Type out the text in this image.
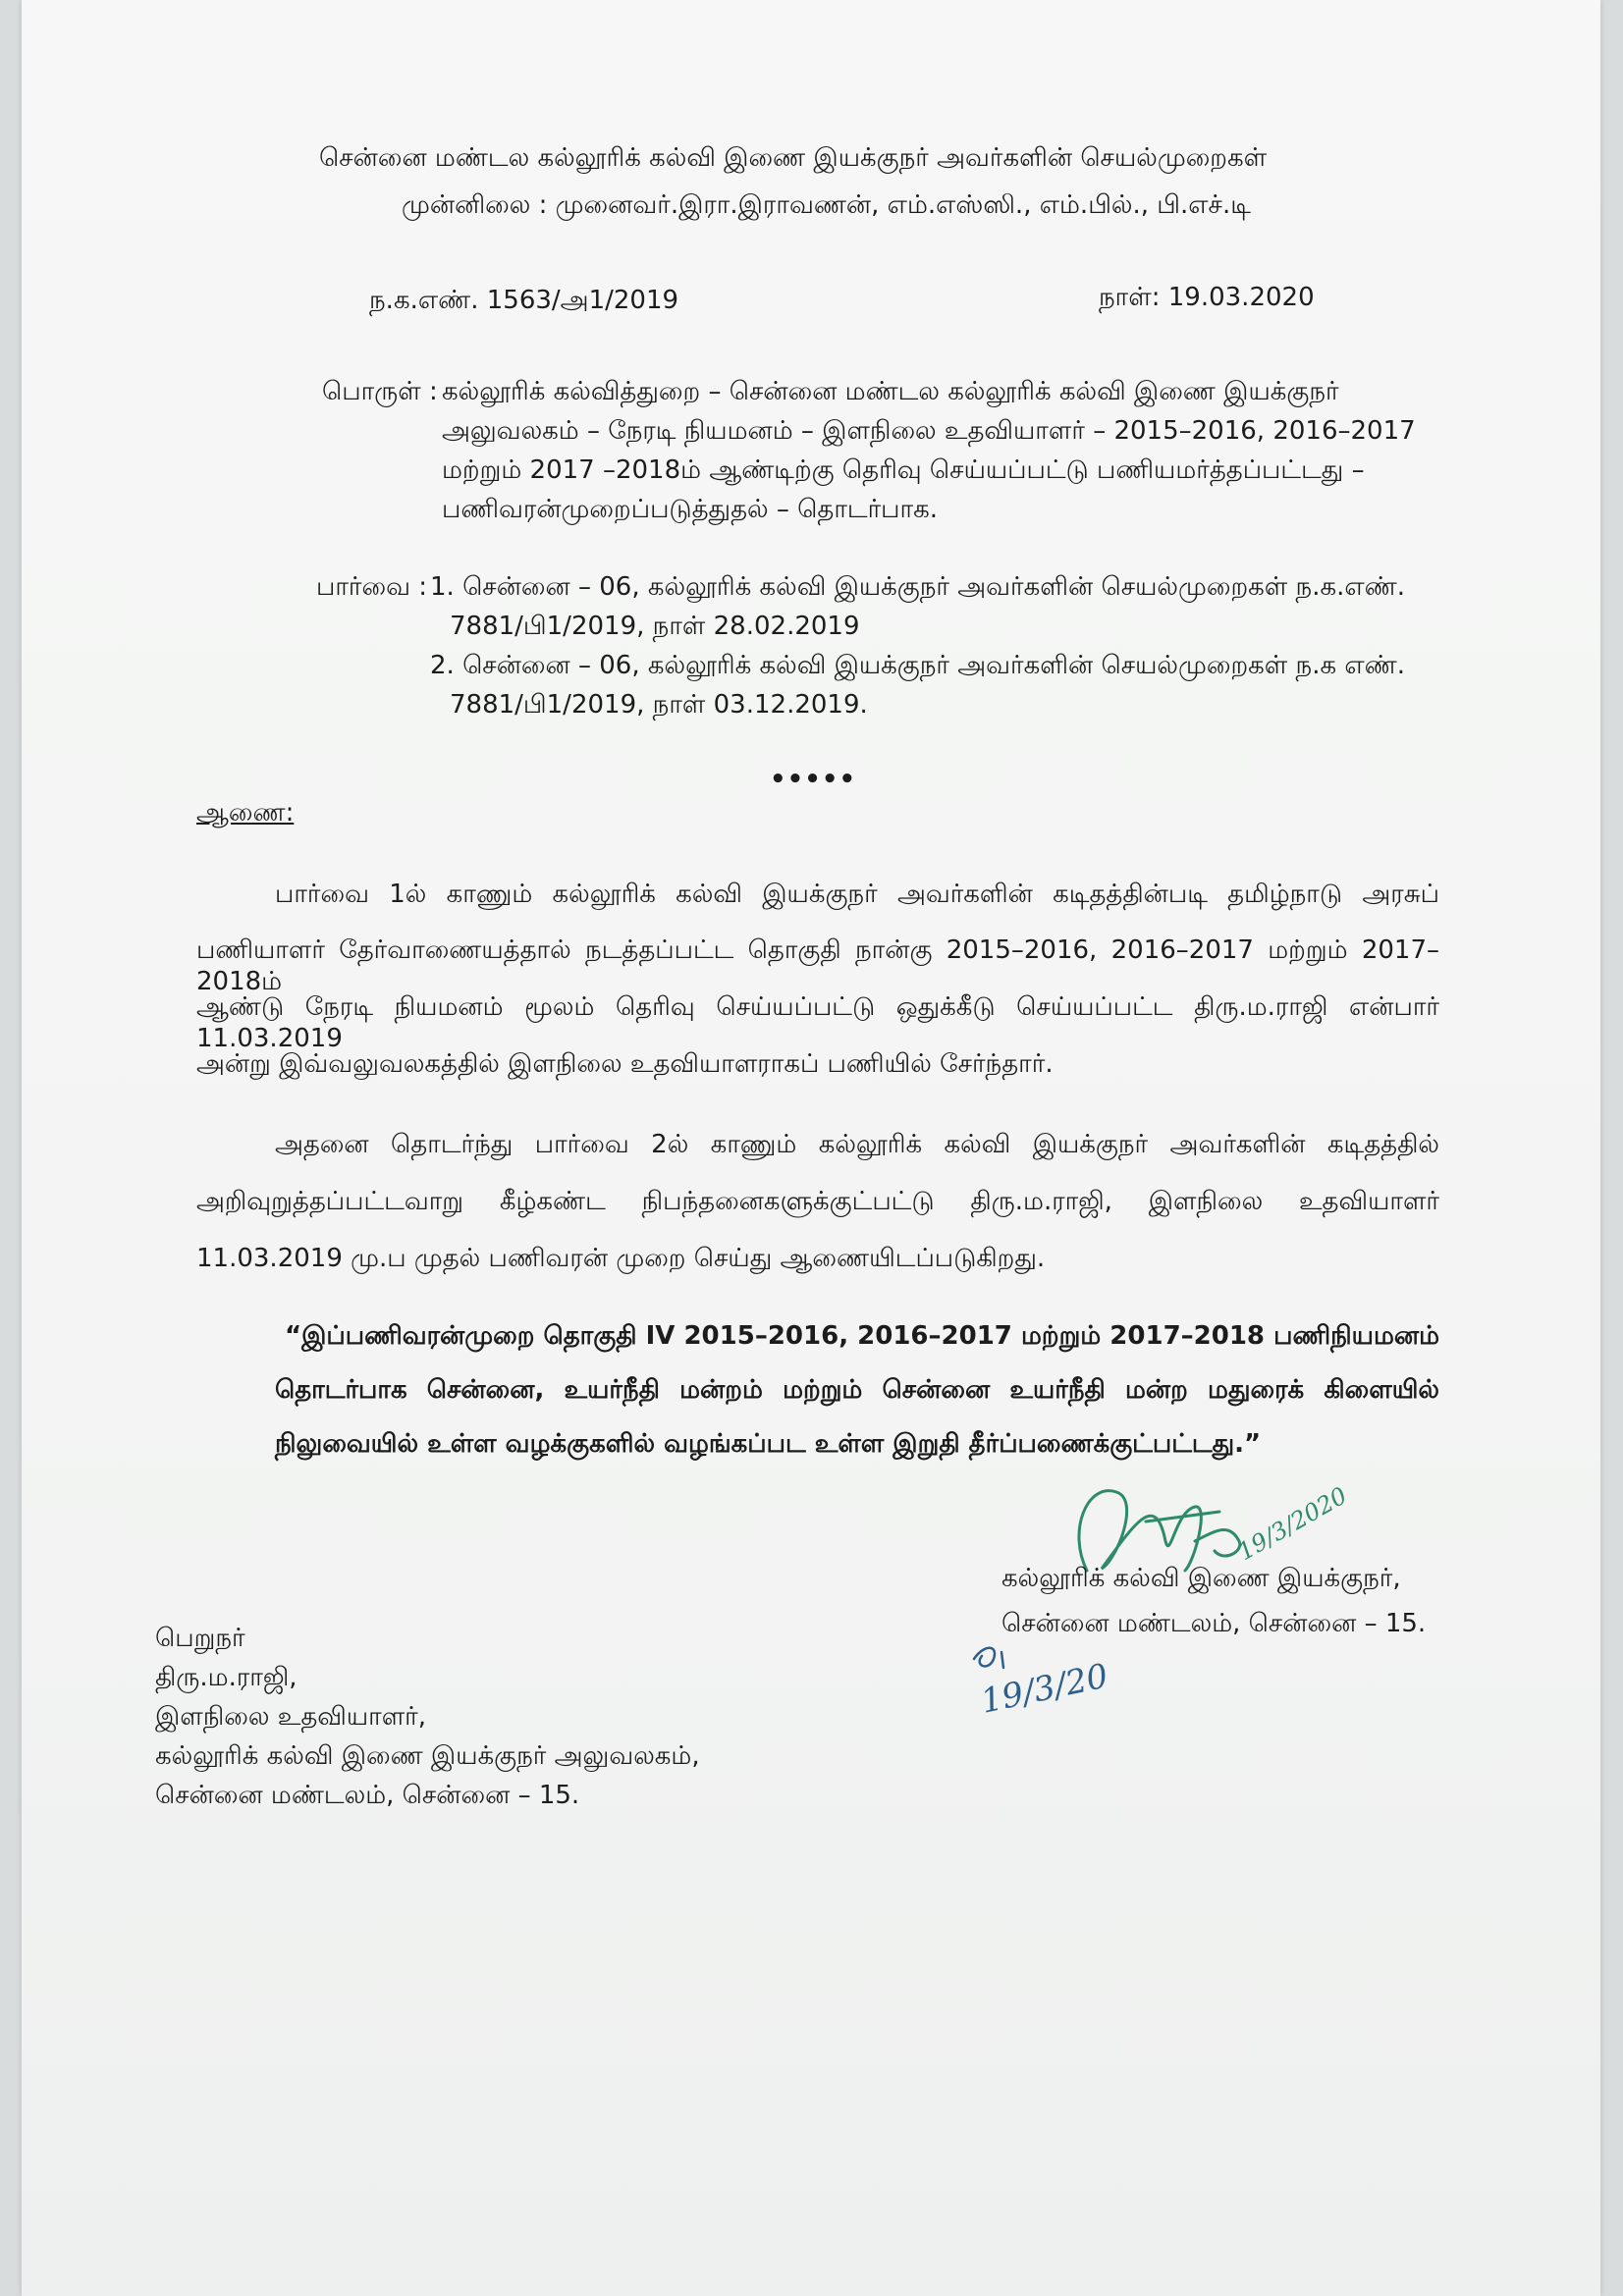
சென்னை மண்டல கல்லூரிக் கல்வி இணை இயக்குநர் அவர்களின் செயல்முறைகள்
முன்னிலை : முனைவர்.இரா.இராவணன், எம்.எஸ்ஸி., எம்.பில்., பி.எச்.டி
ந.க.எண். 1563/அ1/2019	நாள்: 19.03.2020
பொருள் : கல்லூரிக் கல்வித்துறை – சென்னை மண்டல கல்லூரிக் கல்வி இணை இயக்குநர்
அலுவலகம் – நேரடி நியமனம் – இளநிலை உதவியாளர் – 2015–2016, 2016–2017
மற்றும் 2017 –2018ம் ஆண்டிற்கு தெரிவு செய்யப்பட்டு பணியமர்த்தப்பட்டது –
பணிவரன்முறைப்படுத்துதல் – தொடர்பாக.
பார்வை : 1. சென்னை – 06, கல்லூரிக் கல்வி இயக்குநர் அவர்களின் செயல்முறைகள் ந.க.எண்.
7881/பி1/2019, நாள் 28.02.2019
2. சென்னை – 06, கல்லூரிக் கல்வி இயக்குநர் அவர்களின் செயல்முறைகள் ந.க எண்.
7881/பி1/2019, நாள் 03.12.2019.
•••••
ஆணை:
பார்வை 1ல் காணும் கல்லூரிக் கல்வி இயக்குநர் அவர்களின் கடிதத்தின்படி தமிழ்நாடு அரசுப்
பணியாளர் தேர்வாணையத்தால் நடத்தப்பட்ட தொகுதி நான்கு 2015–2016, 2016–2017 மற்றும் 2017– 2018ம்
ஆண்டு நேரடி நியமனம் மூலம் தெரிவு செய்யப்பட்டு ஒதுக்கீடு செய்யப்பட்ட திரு.ம.ராஜி என்பார் 11.03.2019
அன்று இவ்வலுவலகத்தில் இளநிலை உதவியாளராகப் பணியில் சேர்ந்தார்.
அதனை தொடர்ந்து பார்வை 2ல் காணும் கல்லூரிக் கல்வி இயக்குநர் அவர்களின் கடிதத்தில்
அறிவுறுத்தப்பட்டவாறு கீழ்கண்ட நிபந்தனைகளுக்குட்பட்டு திரு.ம.ராஜி, இளநிலை உதவியாளர்
11.03.2019 மு.ப முதல் பணிவரன் முறை செய்து ஆணையிடப்படுகிறது.
“இப்பணிவரன்முறை தொகுதி IV 2015–2016, 2016–2017 மற்றும் 2017–2018 பணிநியமனம்
தொடர்பாக சென்னை, உயர்நீதி மன்றம் மற்றும் சென்னை உயர்நீதி மன்ற மதுரைக் கிளையில்
நிலுவையில் உள்ள வழக்குகளில் வழங்கப்பட உள்ள இறுதி தீர்ப்பணைக்குட்பட்டது.”
19/3/2020
கல்லூரிக் கல்வி இணை இயக்குநர்,
சென்னை மண்டலம், சென்னை – 15.
19/3/20
பெறுநர்
திரு.ம.ராஜி,
இளநிலை உதவியாளர்,
கல்லூரிக் கல்வி இணை இயக்குநர் அலுவலகம்,
சென்னை மண்டலம், சென்னை – 15.
